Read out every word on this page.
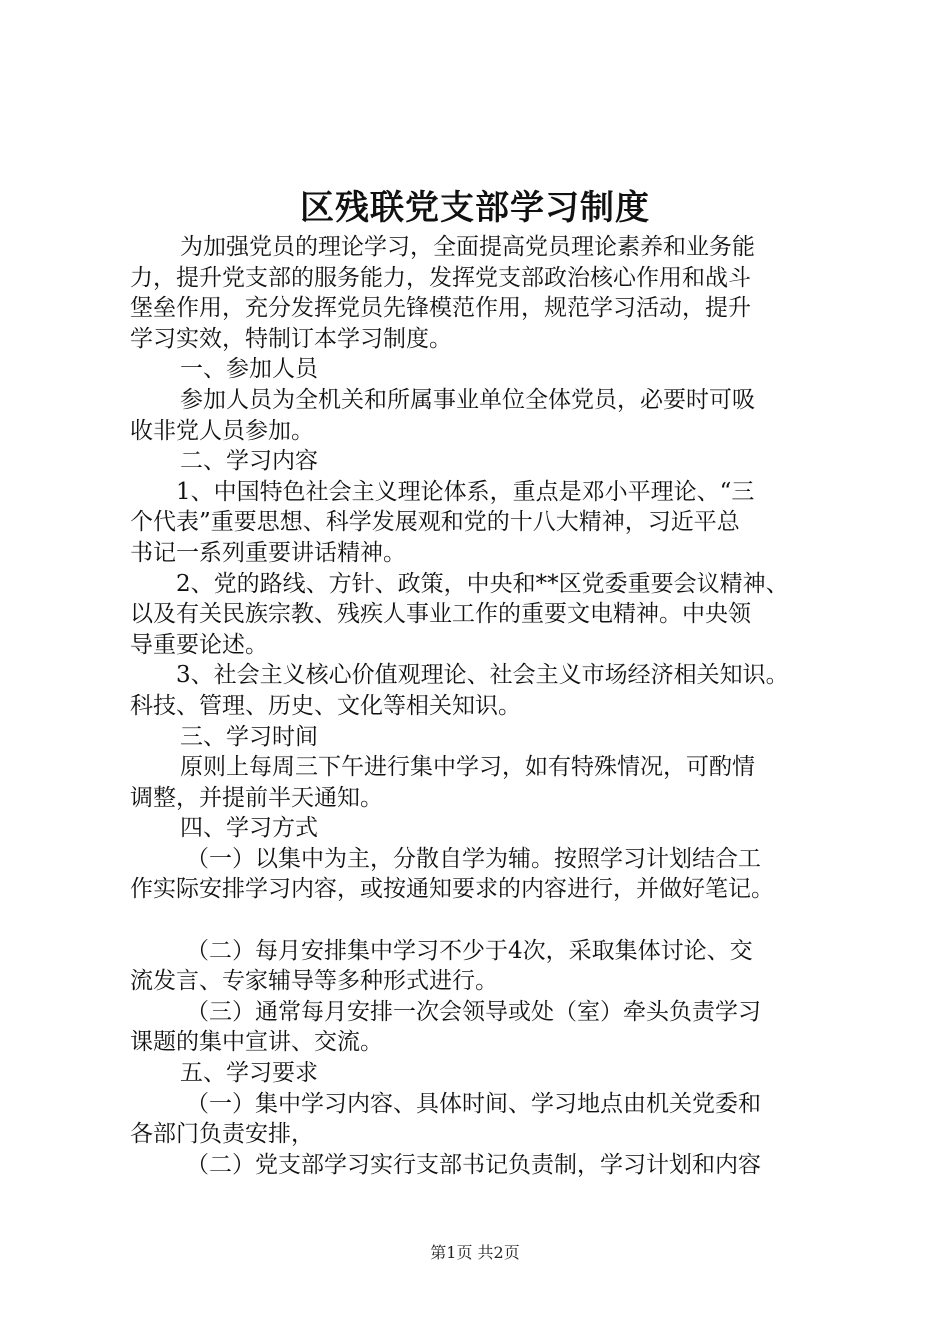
区残联党支部学习制度
为加强党员的理论学习，全面提高党员理论素养和业务能
力，提升党支部的服务能力，发挥党支部政治核心作用和战斗
堡垒作用，充分发挥党员先锋模范作用，规范学习活动，提升
学习实效，特制订本学习制度。
一、参加人员
参加人员为全机关和所属事业单位全体党员，必要时可吸
收非党人员参加。
二、学习内容
1、中国特色社会主义理论体系，重点是邓小平理论、“三
个代表”重要思想、科学发展观和党的十八大精神，习近平总
书记一系列重要讲话精神。
2、党的路线、方针、政策，中央和**区党委重要会议精神、
以及有关民族宗教、残疾人事业工作的重要文电精神。中央领
导重要论述。
3、社会主义核心价值观理论、社会主义市场经济相关知识。
科技、管理、历史、文化等相关知识。
三、学习时间
原则上每周三下午进行集中学习，如有特殊情况，可酌情
调整，并提前半天通知。
四、学习方式
（一）以集中为主，分散自学为辅。按照学习计划结合工
作实际安排学习内容，或按通知要求的内容进行，并做好笔记。
（二）每月安排集中学习不少于4次，采取集体讨论、交
流发言、专家辅导等多种形式进行。
（三）通常每月安排一次会领导或处（室）牵头负责学习
课题的集中宣讲、交流。
五、学习要求
（一）集中学习内容、具体时间、学习地点由机关党委和
各部门负责安排，
（二）党支部学习实行支部书记负责制，学习计划和内容
第1页 共2页
